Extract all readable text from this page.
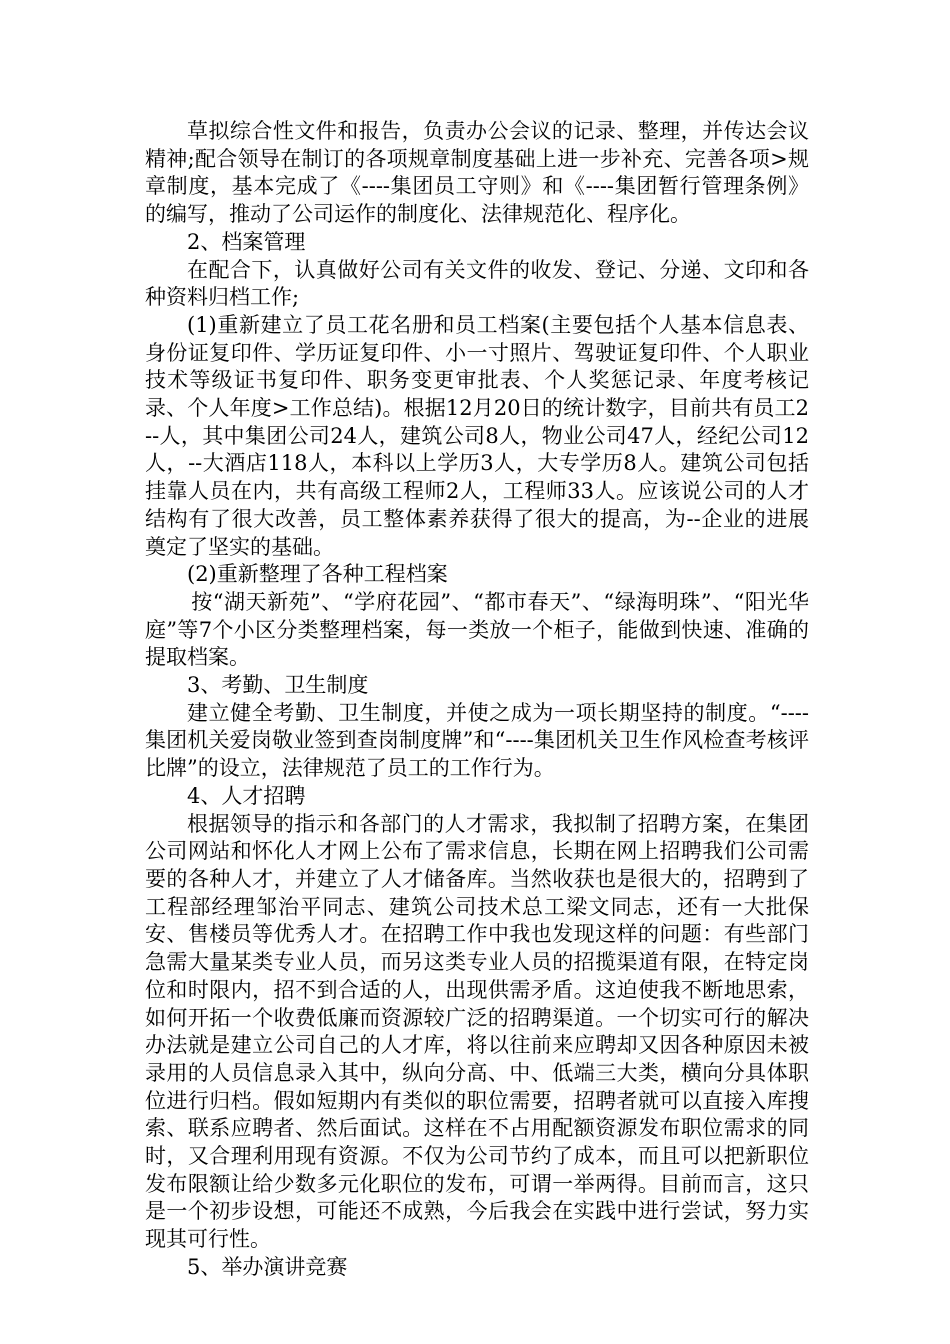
草拟综合性文件和报告，负责办公会议的记录、整理，并传达会议精神;配合领导在制订的各项规章制度基础上进一步补充、完善各项>规章制度，基本完成了《----集团员工守则》和《----集团暂行管理条例》的编写，推动了公司运作的制度化、法律规范化、程序化。

2、档案管理

在配合下，认真做好公司有关文件的收发、登记、分递、文印和各种资料归档工作;

(1)重新建立了员工花名册和员工档案(主要包括个人基本信息表、身份证复印件、学历证复印件、小一寸照片、驾驶证复印件、个人职业技术等级证书复印件、职务变更审批表、个人奖惩记录、年度考核记录、个人年度>工作总结)。根据12月20日的统计数字，目前共有员工2--人，其中集团公司24人，建筑公司8人，物业公司47人，经纪公司12人，--大酒店118人，本科以上学历3人，大专学历8人。建筑公司包括挂靠人员在内，共有高级工程师2人，工程师33人。应该说公司的人才结构有了很大改善，员工整体素养获得了很大的提高，为--企业的进展奠定了坚实的基础。

(2)重新整理了各种工程档案

按“湖天新苑”、“学府花园”、“都市春天”、“绿海明珠”、“阳光华庭”等7个小区分类整理档案，每一类放一个柜子，能做到快速、准确的提取档案。

3、考勤、卫生制度

建立健全考勤、卫生制度，并使之成为一项长期坚持的制度。“----集团机关爱岗敬业签到查岗制度牌”和“----集团机关卫生作风检查考核评比牌”的设立，法律规范了员工的工作行为。

4、人才招聘

根据领导的指示和各部门的人才需求，我拟制了招聘方案，在集团公司网站和怀化人才网上公布了需求信息，长期在网上招聘我们公司需要的各种人才，并建立了人才储备库。当然收获也是很大的，招聘到了工程部经理邹治平同志、建筑公司技术总工梁文同志，还有一大批保安、售楼员等优秀人才。在招聘工作中我也发现这样的问题：有些部门急需大量某类专业人员，而另这类专业人员的招揽渠道有限，在特定岗位和时限内，招不到合适的人，出现供需矛盾。这迫使我不断地思索，如何开拓一个收费低廉而资源较广泛的招聘渠道。一个切实可行的解决办法就是建立公司自己的人才库，将以往前来应聘却又因各种原因未被录用的人员信息录入其中，纵向分高、中、低端三大类，横向分具体职位进行归档。假如短期内有类似的职位需要，招聘者就可以直接入库搜索、联系应聘者、然后面试。这样在不占用配额资源发布职位需求的同时，又合理利用现有资源。不仅为公司节约了成本，而且可以把新职位发布限额让给少数多元化职位的发布，可谓一举两得。目前而言，这只是一个初步设想，可能还不成熟，今后我会在实践中进行尝试，努力实现其可行性。

5、举办演讲竞赛
